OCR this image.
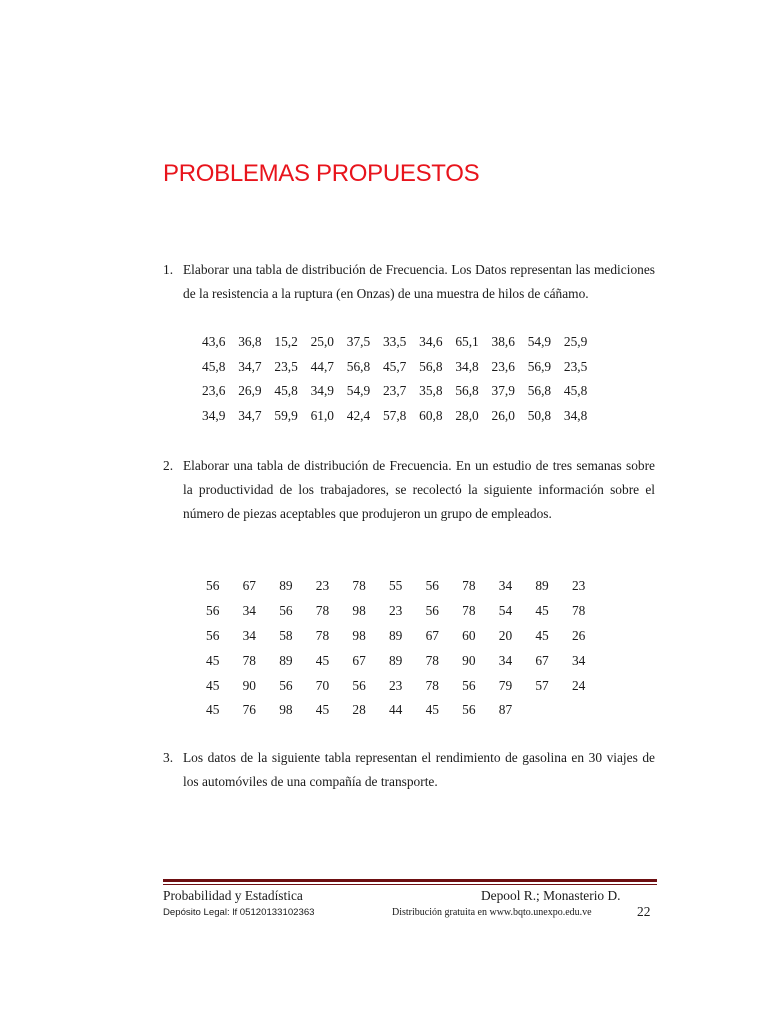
PROBLEMAS PROPUESTOS
1. Elaborar una tabla de distribución de Frecuencia. Los Datos representan las mediciones de la resistencia a la ruptura (en Onzas) de una muestra de hilos de cáñamo.
43,6 36,8 15,2 25,0 37,5 33,5 34,6 65,1 38,6 54,9 25,9
45,8 34,7 23,5 44,7 56,8 45,7 56,8 34,8 23,6 56,9 23,5
23,6 26,9 45,8 34,9 54,9 23,7 35,8 56,8 37,9 56,8 45,8
34,9 34,7 59,9 61,0 42,4 57,8 60,8 28,0 26,0 50,8 34,8
2. Elaborar una tabla de distribución de Frecuencia. En un estudio de tres semanas sobre la productividad de los trabajadores, se recolectó la siguiente información sobre el número de piezas aceptables que produjeron un grupo de empleados.
56	67	89	23	78	55	56	78	34	89	23
56	34	56	78	98	23	56	78	54	45	78
56	34	58	78	98	89	67	60	20	45	26
45	78	89	45	67	89	78	90	34	67	34
45	90	56	70	56	23	78	56	79	57	24
45	76	98	45	28	44	45	56	87
3. Los datos de la siguiente tabla representan el rendimiento de gasolina en 30 viajes de los automóviles de una compañía de transporte.
Probabilidad y Estadística	Depool R.; Monasterio D.
Depósito Legal: lf 05120133102363	Distribución gratuita en www.bqto.unexpo.edu.ve	22
